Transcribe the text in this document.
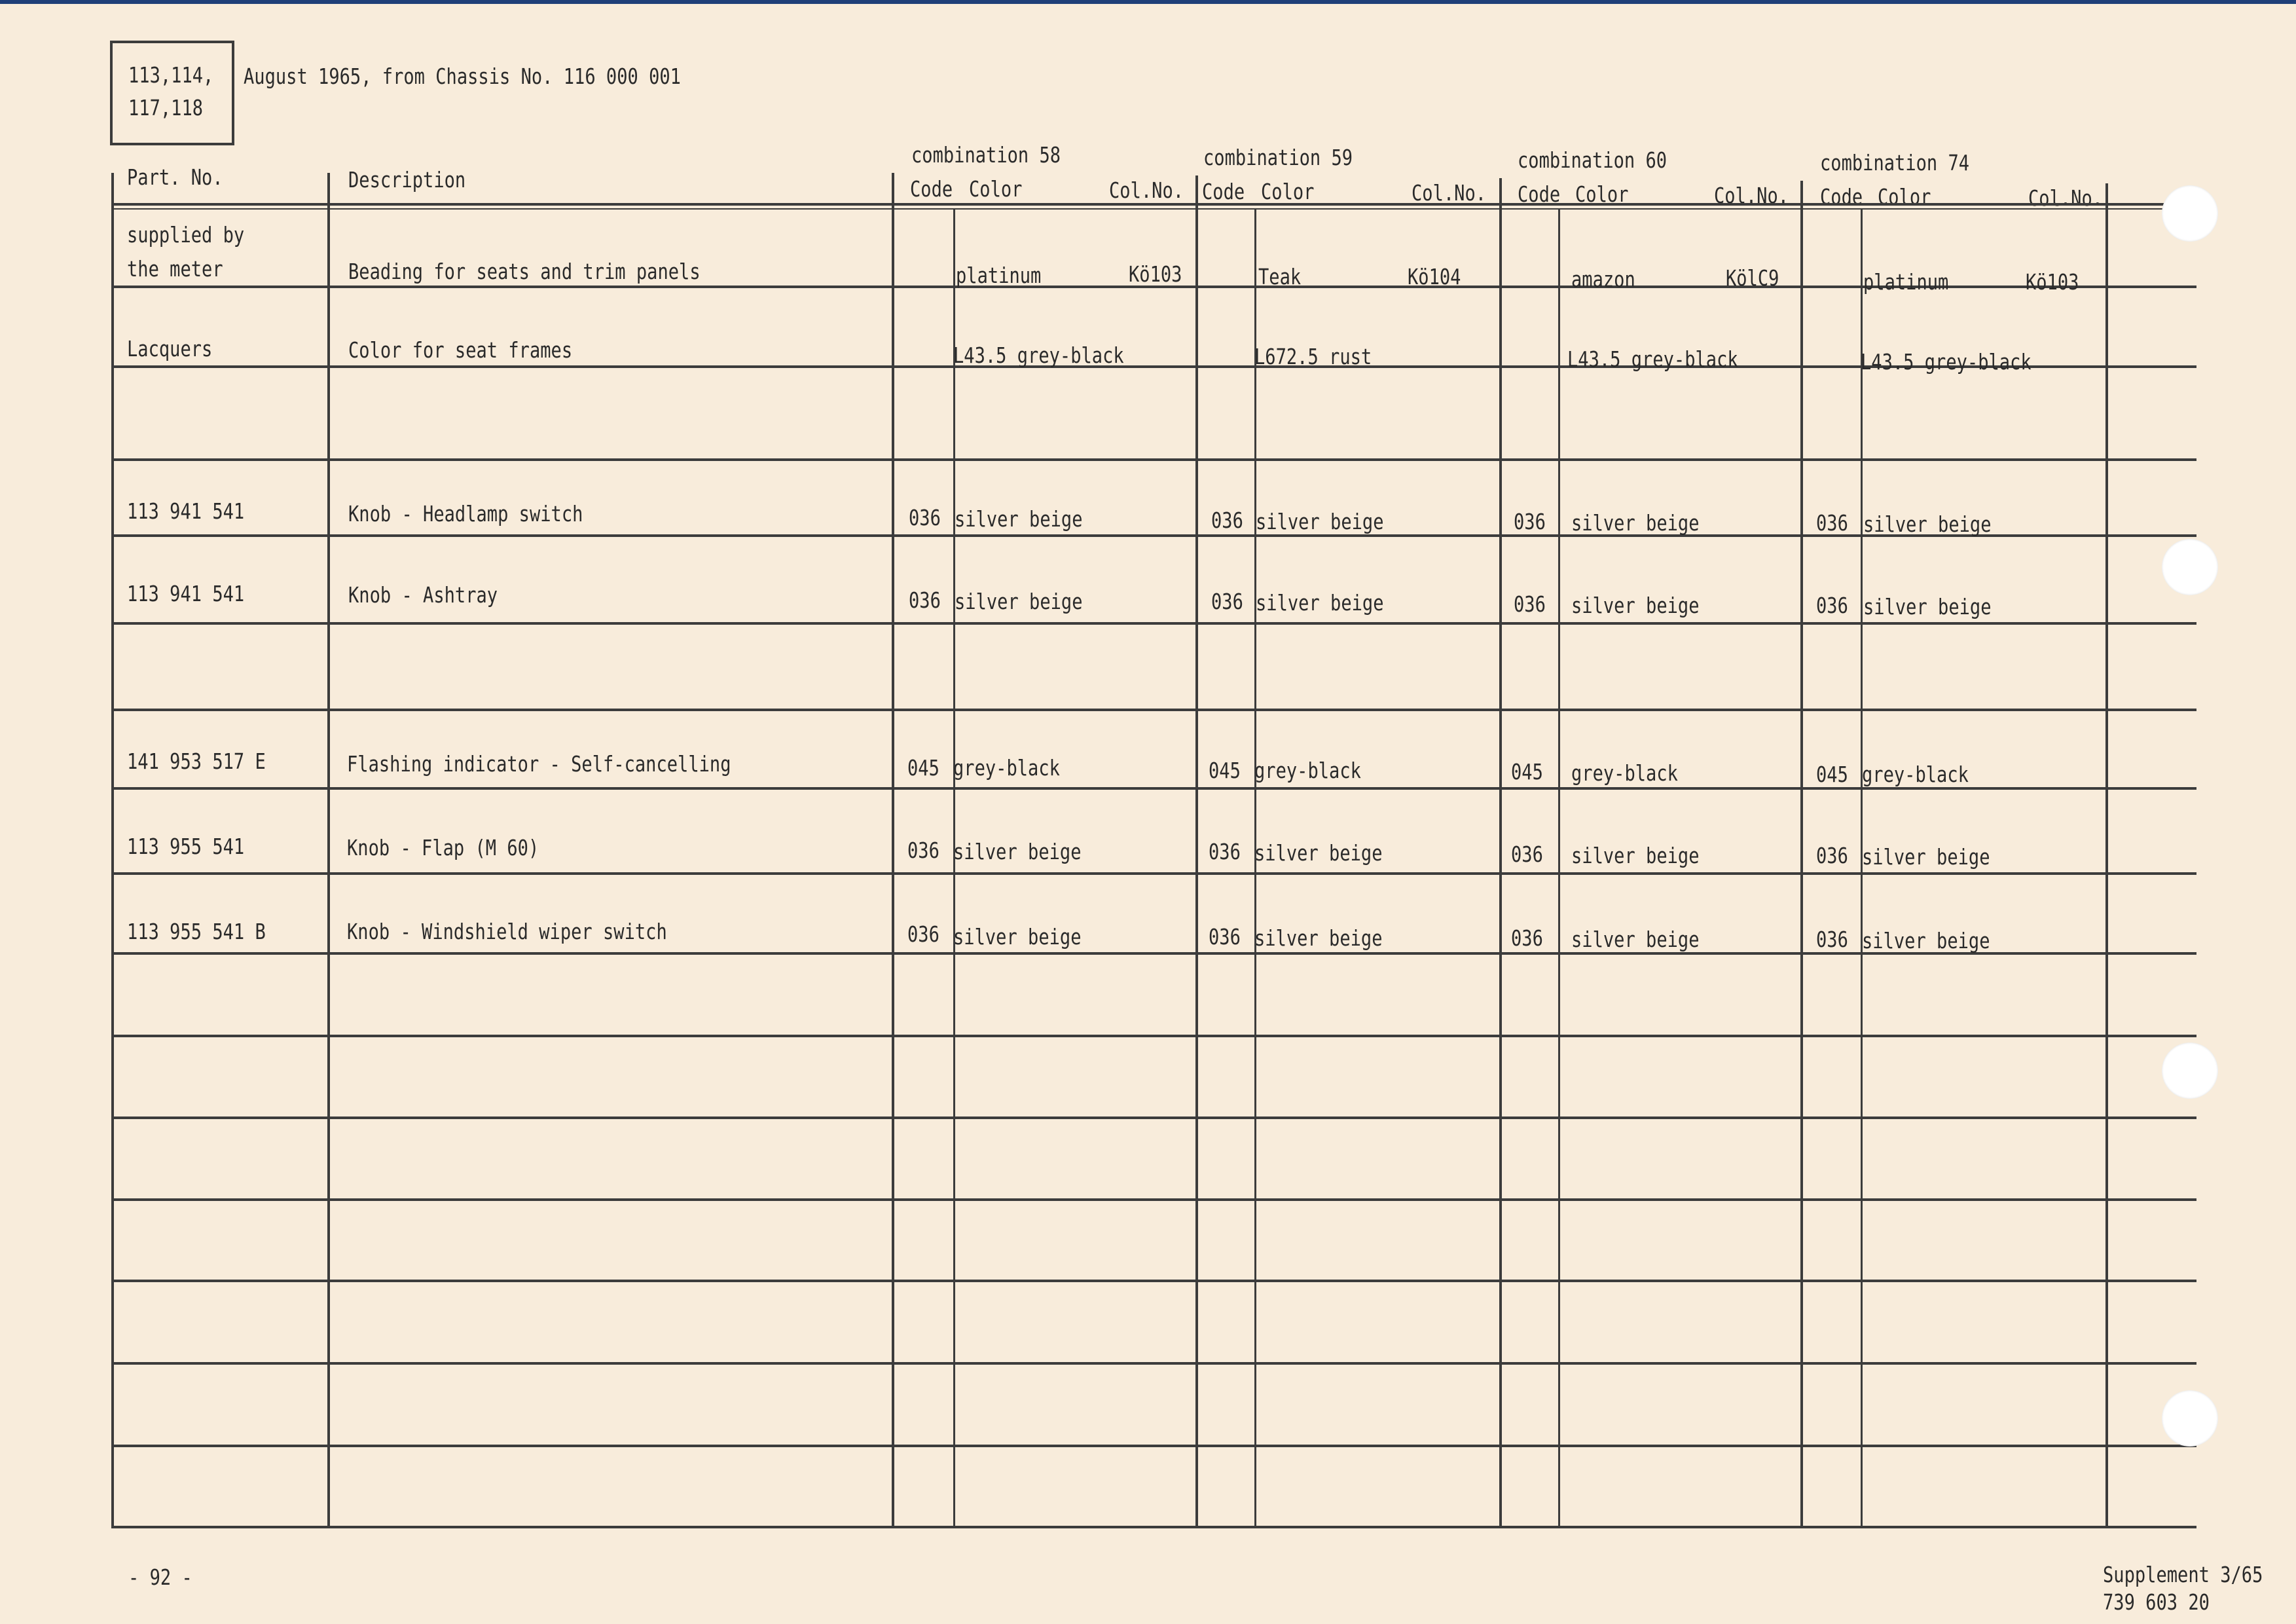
113,114,
117,118
August 1965, from Chassis No. 116 000 001
Part. No.	Description
combination 58
Code Color	Col.No.
combination 59
Code Color	Col.No.
combination 60
Code Color	Col.No.
combination 74
Code Color	Col.No.
supplied by
the meter	Beading for seats and trim panels	platinum	Kö103	Teak	Kö104	amazon	KölC9	platinum	Kö103
Lacquers	Color for seat frames	L43.5 grey-black	L672.5 rust	L43.5 grey-black	L43.5 grey-black
113 941 541	Knob - Headlamp switch	036 silver beige	036 silver beige	036 silver beige	036 silver beige
113 941 541	Knob - Ashtray	036 silver beige	036 silver beige	036 silver beige	036 silver beige
141 953 517 E	Flashing indicator - Self-cancelling	045 grey-black	045 grey-black	045 grey-black	045 grey-black
113 955 541	Knob - Flap (M 60)	036 silver beige	036 silver beige	036 silver beige	036 silver beige
113 955 541 B	Knob - Windshield wiper switch	036 silver beige	036 silver beige	036 silver beige	036 silver beige
- 92 -	Supplement 3/65
739 603 20
